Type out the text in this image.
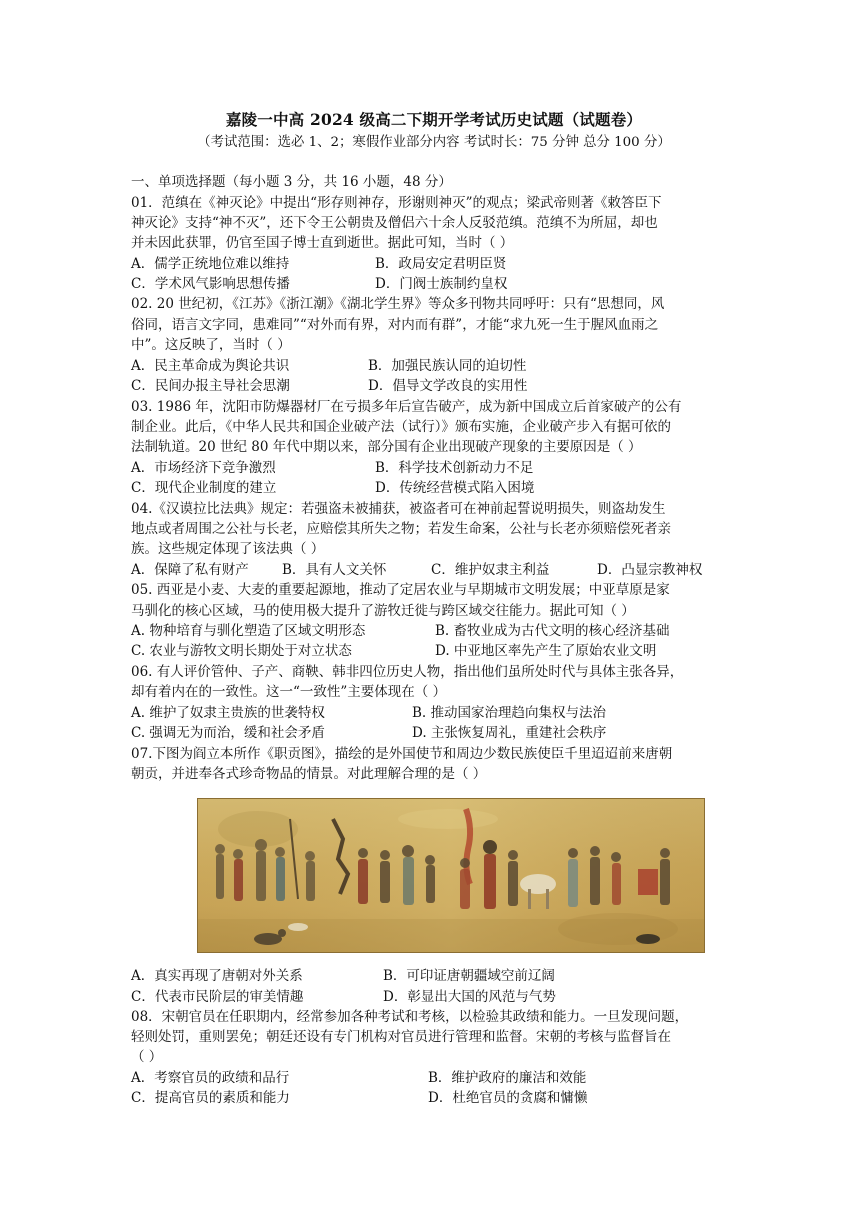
嘉陵一中高 2024 级高二下期开学考试历史试题（试题卷）
（考试范围：选必 1、2；寒假作业部分内容 考试时长：75 分钟 总分 100 分）
一、单项选择题（每小题 3 分，共 16 小题，48 分）
01．范缜在《神灭论》中提出“形存则神存，形谢则神灭”的观点；梁武帝则著《敕答臣下
神灭论》支持“神不灭”，还下令王公朝贵及僧侣六十余人反驳范缜。范缜不为所屈，却也
并未因此获罪，仍官至国子博士直到逝世。据此可知，当时（ ）
A．儒学正统地位难以维持	B．政局安定君明臣贤
C．学术风气影响思想传播	D．门阀士族制约皇权
02. 20 世纪初，《江苏》《浙江潮》《湖北学生界》等众多刊物共同呼吁：只有“思想同，风
俗同，语言文字同，患难同”“对外而有界，对内而有群”，才能“求九死一生于腥风血雨之
中”。这反映了，当时（ ）
A．民主革命成为舆论共识	B．加强民族认同的迫切性
C．民间办报主导社会思潮	D．倡导文学改良的实用性
03. 1986 年，沈阳市防爆器材厂在亏损多年后宣告破产，成为新中国成立后首家破产的公有
制企业。此后，《中华人民共和国企业破产法（试行）》颁布实施，企业破产步入有据可依的
法制轨道。20 世纪 80 年代中期以来，部分国有企业出现破产现象的主要原因是（ ）
A．市场经济下竞争激烈	B．科学技术创新动力不足
C．现代企业制度的建立	D．传统经营模式陷入困境
04.《汉谟拉比法典》规定：若强盗未被捕获，被盗者可在神前起誓说明损失，则盗劫发生
地点或者周围之公社与长老，应赔偿其所失之物；若发生命案，公社与长老亦须赔偿死者亲
族。这些规定体现了该法典（ ）
A．保障了私有财产 B．具有人文关怀	C．维护奴隶主利益	D．凸显宗教神权
05. 西亚是小麦、大麦的重要起源地，推动了定居农业与早期城市文明发展；中亚草原是家
马驯化的核心区域，马的使用极大提升了游牧迁徙与跨区域交往能力。据此可知（ ）
A. 物种培育与驯化塑造了区域文明形态	B. 畜牧业成为古代文明的核心经济基础
C. 农业与游牧文明长期处于对立状态	D. 中亚地区率先产生了原始农业文明
06. 有人评价管仲、子产、商鞅、韩非四位历史人物，指出他们虽所处时代与具体主张各异，
却有着内在的一致性。这一“一致性”主要体现在（ ）
A. 维护了奴隶主贵族的世袭特权	B. 推动国家治理趋向集权与法治
C. 强调无为而治，缓和社会矛盾	D. 主张恢复周礼，重建社会秩序
07.下图为阎立本所作《职贡图》，描绘的是外国使节和周边少数民族使臣千里迢迢前来唐朝
朝贡，并进奉各式珍奇物品的情景。对此理解合理的是（ ）
A．真实再现了唐朝对外关系	B．可印证唐朝疆域空前辽阔
C．代表市民阶层的审美情趣	D．彰显出大国的风范与气势
08．宋朝官员在任职期内，经常参加各种考试和考核，以检验其政绩和能力。一旦发现问题，
轻则处罚，重则罢免；朝廷还设有专门机构对官员进行管理和监督。宋朝的考核与监督旨在
（ ）
A．考察官员的政绩和品行	B．维护政府的廉洁和效能
C．提高官员的素质和能力	D．杜绝官员的贪腐和慵懒
